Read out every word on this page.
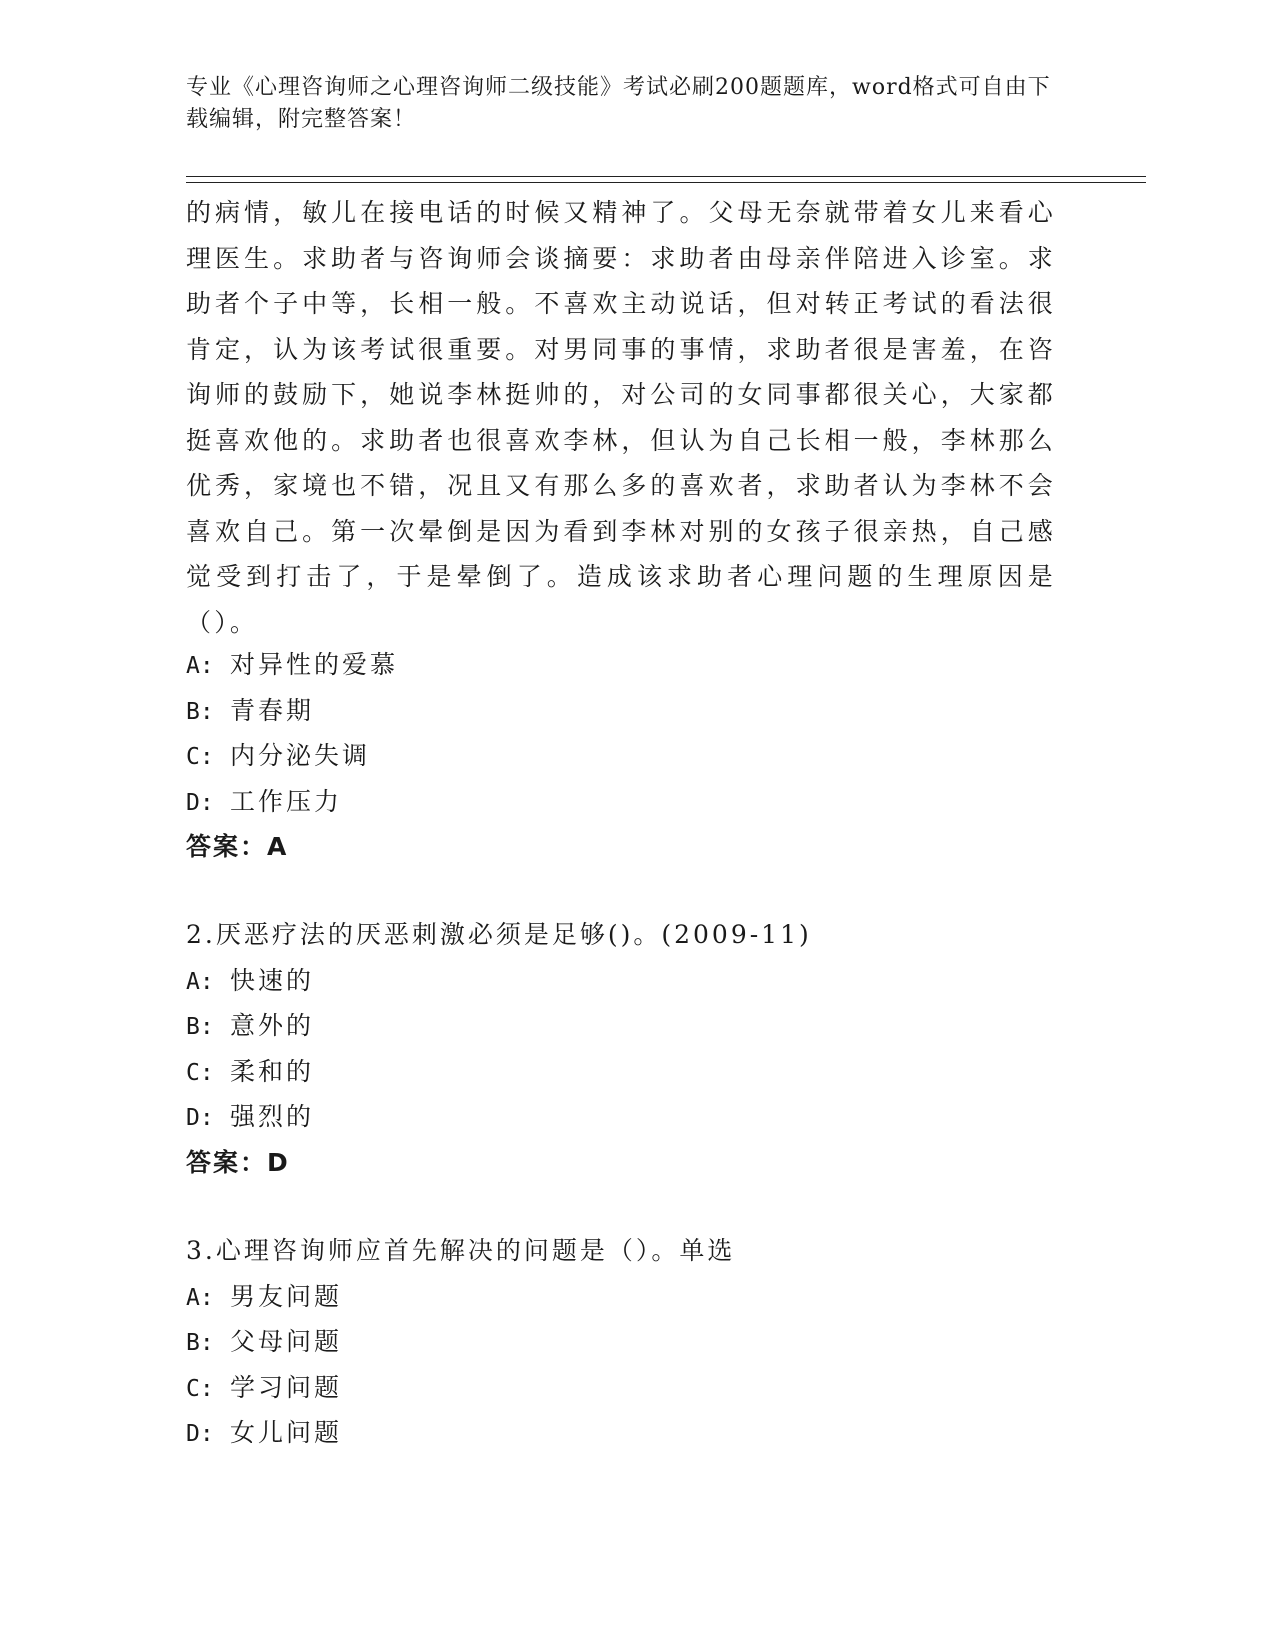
专业《心理咨询师之心理咨询师二级技能》考试必刷200题题库，word格式可自由下载编辑，附完整答案！
的病情，敏儿在接电话的时候又精神了。父母无奈就带着女儿来看心理医生。求助者与咨询师会谈摘要：求助者由母亲伴陪进入诊室。求助者个子中等，长相一般。不喜欢主动说话，但对转正考试的看法很肯定，认为该考试很重要。对男同事的事情，求助者很是害羞，在咨询师的鼓励下，她说李林挺帅的，对公司的女同事都很关心，大家都挺喜欢他的。求助者也很喜欢李林，但认为自己长相一般，李林那么优秀，家境也不错，况且又有那么多的喜欢者，求助者认为李林不会喜欢自己。第一次晕倒是因为看到李林对别的女孩子很亲热，自己感觉受到打击了，于是晕倒了。造成该求助者心理问题的生理原因是（）。
A: 对异性的爱慕
B: 青春期
C: 内分泌失调
D: 工作压力
答案：A
2.厌恶疗法的厌恶刺激必须是足够()。(2009-11)
A: 快速的
B: 意外的
C: 柔和的
D: 强烈的
答案：D
3.心理咨询师应首先解决的问题是（）。单选
A: 男友问题
B: 父母问题
C: 学习问题
D: 女儿问题
